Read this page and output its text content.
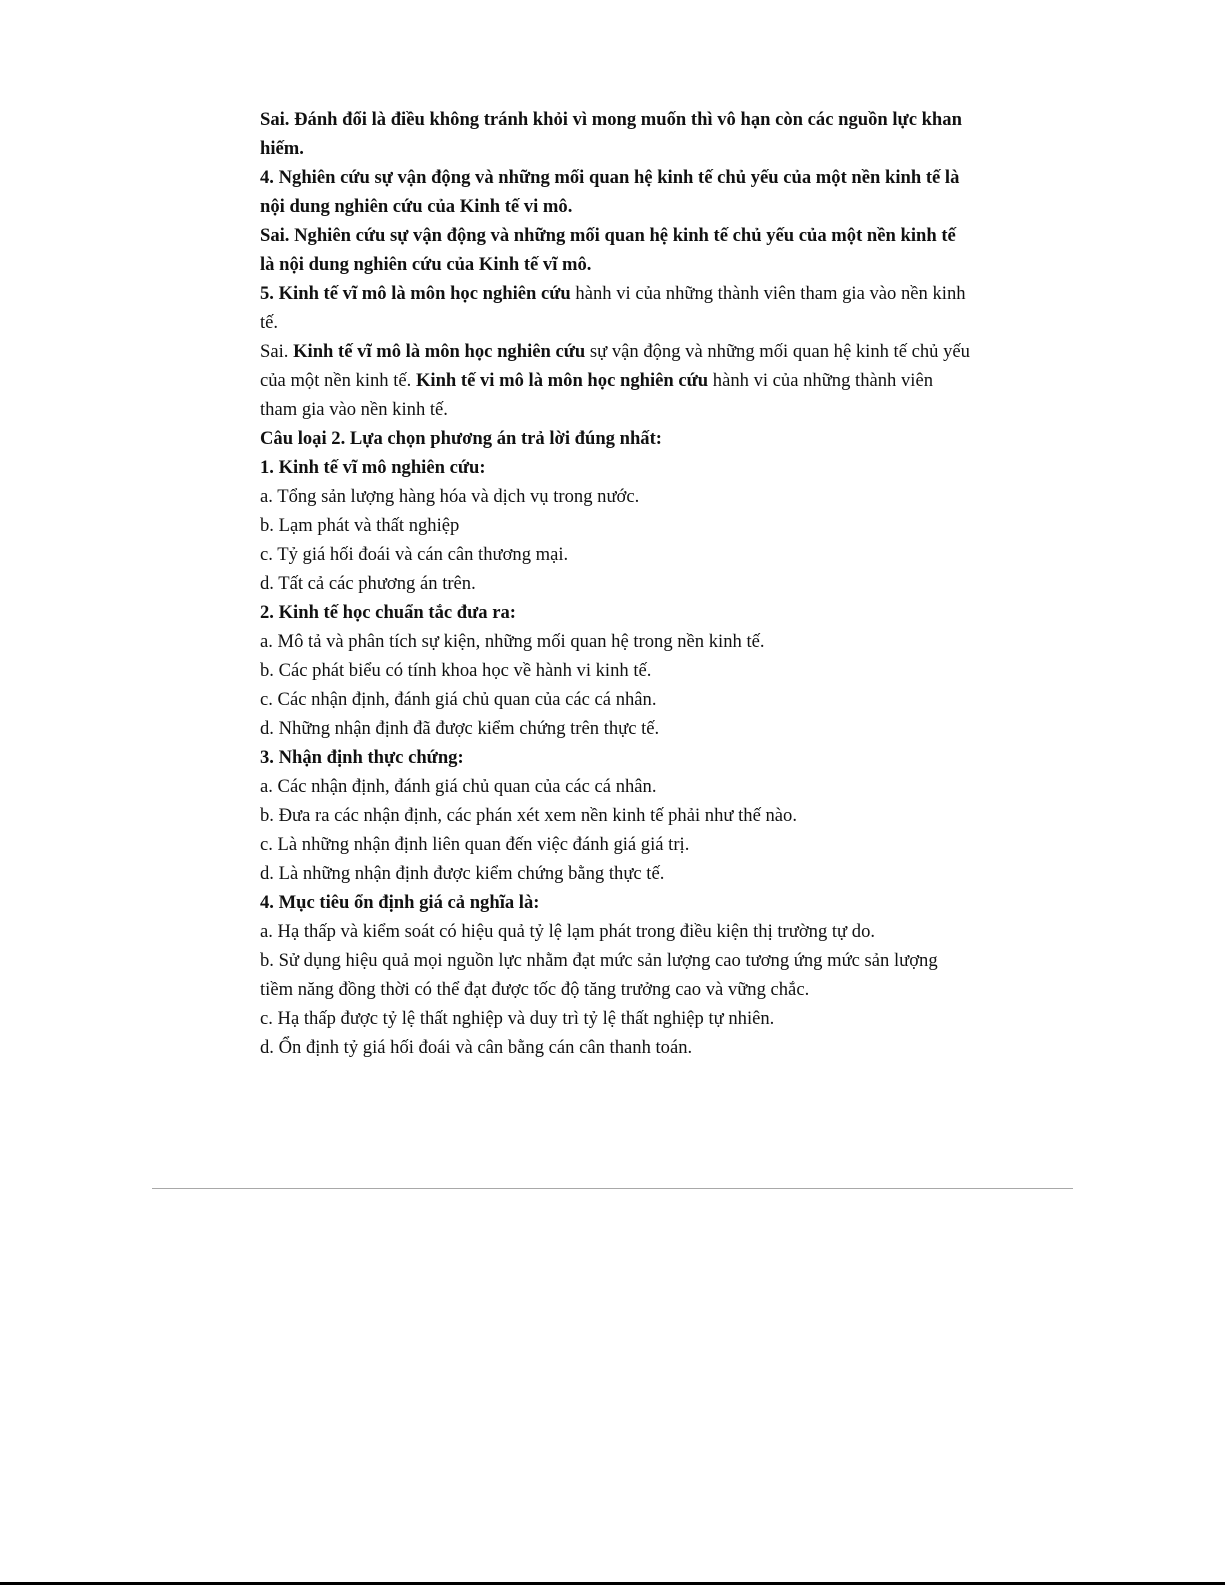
Sai. Đánh đổi là điều không tránh khỏi vì mong muốn thì vô hạn còn các nguồn lực khan hiếm.

4. Nghiên cứu sự vận động và những mối quan hệ kinh tế chủ yếu của một nền kinh tế là nội dung nghiên cứu của Kinh tế vi mô.

Sai. Nghiên cứu sự vận động và những mối quan hệ kinh tế chủ yếu của một nền kinh tế là nội dung nghiên cứu của Kinh tế vĩ mô.

5. Kinh tế vĩ mô là môn học nghiên cứu hành vi của những thành viên tham gia vào nền kinh tế.

Sai. Kinh tế vĩ mô là môn học nghiên cứu sự vận động và những mối quan hệ kinh tế chủ yếu của một nền kinh tế. Kinh tế vi mô là môn học nghiên cứu hành vi của những thành viên tham gia vào nền kinh tế.

Câu loại 2. Lựa chọn phương án trả lời đúng nhất:

1. Kinh tế vĩ mô nghiên cứu:

a. Tổng sản lượng hàng hóa và dịch vụ trong nước.

b. Lạm phát và thất nghiệp

c. Tỷ giá hối đoái và cán cân thương mại.

d. Tất cả các phương án trên.

2. Kinh tế học chuẩn tắc đưa ra:

a. Mô tả và phân tích sự kiện, những mối quan hệ trong nền kinh tế.

b. Các phát biểu có tính khoa học về hành vi kinh tế.

c. Các nhận định, đánh giá chủ quan của các cá nhân.

d. Những nhận định đã được kiểm chứng trên thực tế.

3. Nhận định thực chứng:

a. Các nhận định, đánh giá chủ quan của các cá nhân.

b. Đưa ra các nhận định, các phán xét xem nền kinh tế phải như thế nào.

c. Là những nhận định liên quan đến việc đánh giá giá trị.

d. Là những nhận định được kiểm chứng bằng thực tế.

4. Mục tiêu ổn định giá cả nghĩa là:

a. Hạ thấp và kiểm soát có hiệu quả tỷ lệ lạm phát trong điều kiện thị trường tự do.

b. Sử dụng hiệu quả mọi nguồn lực nhằm đạt mức sản lượng cao tương ứng mức sản lượng tiềm năng đồng thời có thể đạt được tốc độ tăng trưởng cao và vững chắc.

c. Hạ thấp được tỷ lệ thất nghiệp và duy trì tỷ lệ thất nghiệp tự nhiên.

d. Ổn định tỷ giá hối đoái và cân bằng cán cân thanh toán.
